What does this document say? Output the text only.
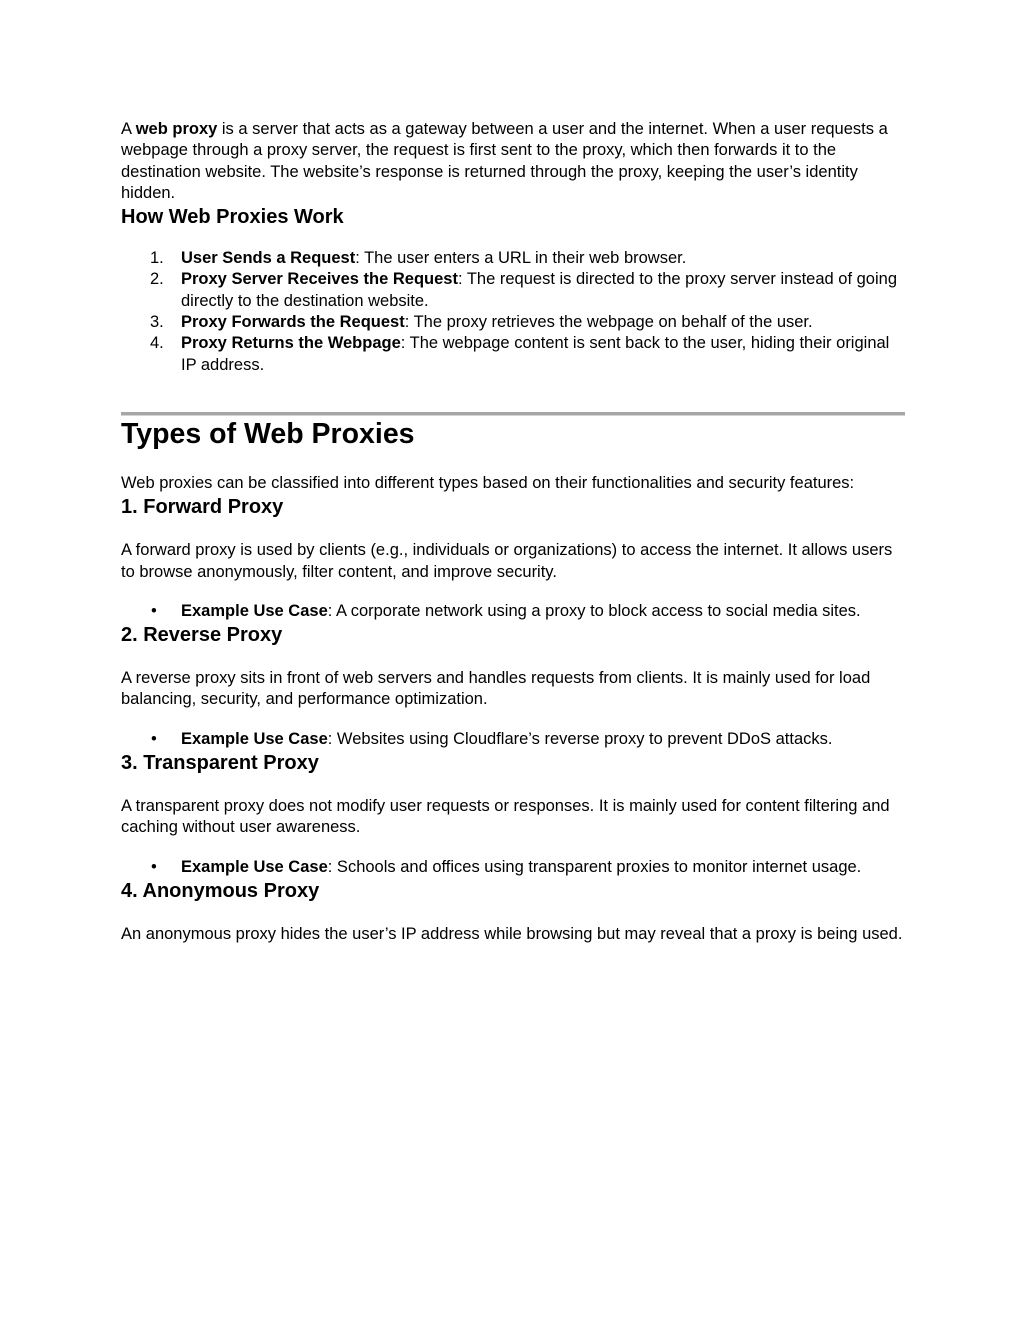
A web proxy is a server that acts as a gateway between a user and the internet. When a user requests a webpage through a proxy server, the request is first sent to the proxy, which then forwards it to the destination website. The website’s response is returned through the proxy, keeping the user’s identity hidden.

How Web Proxies Work
1. User Sends a Request: The user enters a URL in their web browser.
2. Proxy Server Receives the Request: The request is directed to the proxy server instead of going directly to the destination website.
3. Proxy Forwards the Request: The proxy retrieves the webpage on behalf of the user.
4. Proxy Returns the Webpage: The webpage content is sent back to the user, hiding their original IP address.
Types of Web Proxies

Web proxies can be classified into different types based on their functionalities and security features:

1. Forward Proxy

A forward proxy is used by clients (e.g., individuals or organizations) to access the internet. It allows users to browse anonymously, filter content, and improve security.

• Example Use Case: A corporate network using a proxy to block access to social media sites.
2. Reverse Proxy

A reverse proxy sits in front of web servers and handles requests from clients. It is mainly used for load balancing, security, and performance optimization.

• Example Use Case: Websites using Cloudflare’s reverse proxy to prevent DDoS attacks.
3. Transparent Proxy

A transparent proxy does not modify user requests or responses. It is mainly used for content filtering and caching without user awareness.

• Example Use Case: Schools and offices using transparent proxies to monitor internet usage.
4. Anonymous Proxy

An anonymous proxy hides the user’s IP address while browsing but may reveal that a proxy is being used.
